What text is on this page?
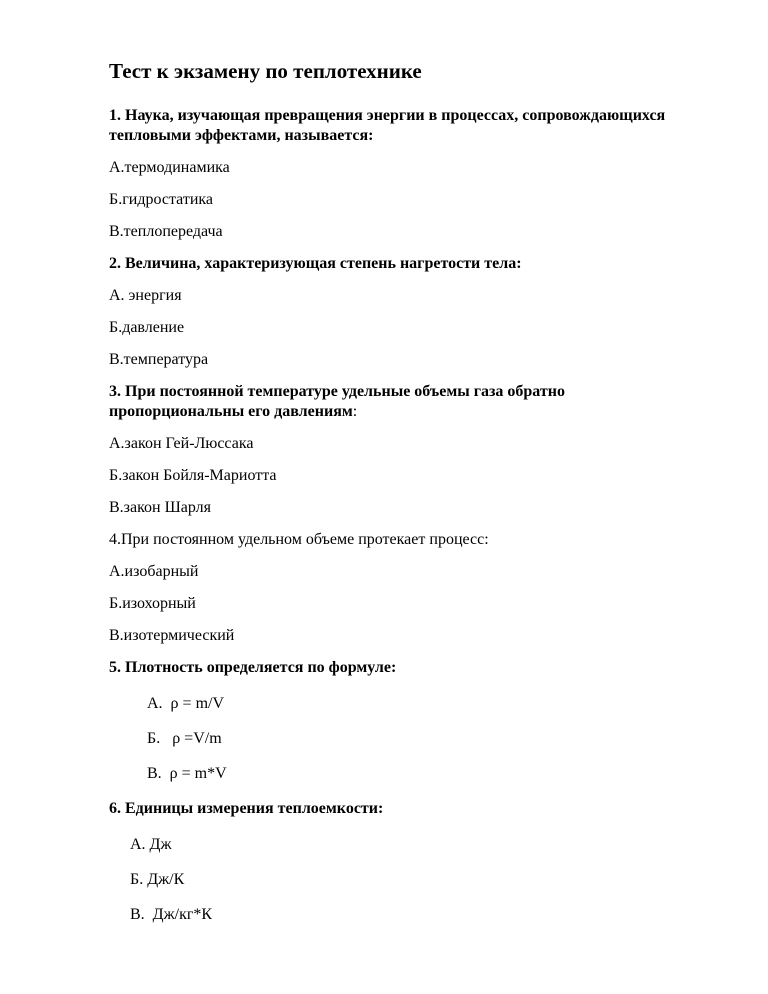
Тест к экзамену по теплотехнике

1. Наука, изучающая превращения энергии в процессах, сопровождающихся тепловыми эффектами, называется:

А.термодинамика

Б.гидростатика

В.теплопередача

2. Величина, характеризующая степень нагретости тела:

А. энергия

Б.давление

В.температура

3. При постоянной температуре удельные объемы газа обратно пропорциональны его давлениям:

А.закон Гей-Люссака

Б.закон Бойля-Мариотта

В.закон Шарля

4.При постоянном удельном объеме протекает процесс:

А.изобарный

Б.изохорный

В.изотермический

5. Плотность определяется по формуле:

А.  ρ = m/V

Б.   ρ =V/m

В.  ρ = m*V

6. Единицы измерения теплоемкости:

А. Дж

Б. Дж/К

В.  Дж/кг*К
